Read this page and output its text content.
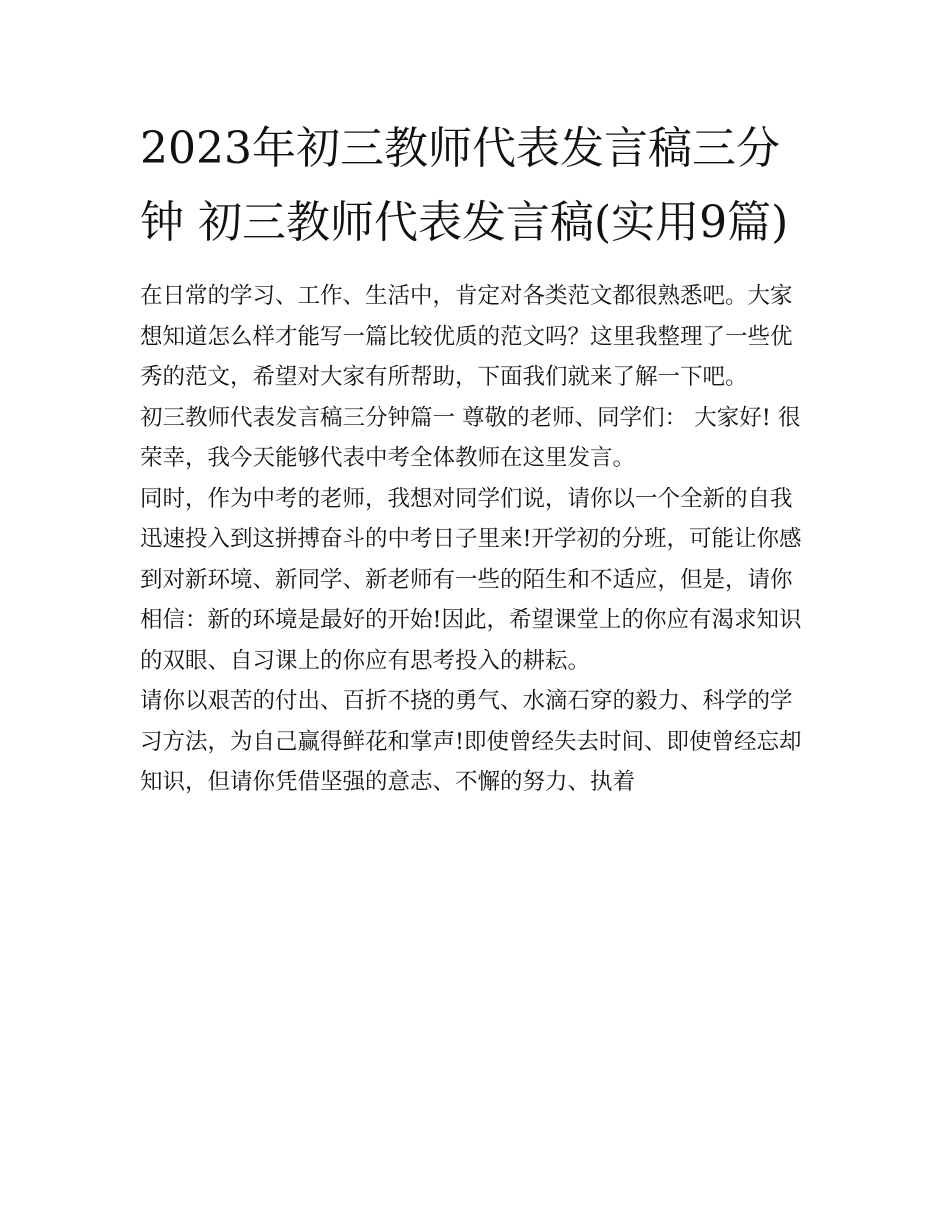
2023年初三教师代表发言稿三分钟 初三教师代表发言稿(实用9篇)

在日常的学习、工作、生活中，肯定对各类范文都很熟悉吧。大家想知道怎么样才能写一篇比较优质的范文吗？这里我整理了一些优秀的范文，希望对大家有所帮助，下面我们就来了解一下吧。

初三教师代表发言稿三分钟篇一 尊敬的老师、同学们： 大家好! 很荣幸，我今天能够代表中考全体教师在这里发言。

同时，作为中考的老师，我想对同学们说，请你以一个全新的自我迅速投入到这拼搏奋斗的中考日子里来!开学初的分班，可能让你感到对新环境、新同学、新老师有一些的陌生和不适应，但是，请你相信：新的环境是最好的开始!因此，希望课堂上的你应有渴求知识的双眼、自习课上的你应有思考投入的耕耘。

请你以艰苦的付出、百折不挠的勇气、水滴石穿的毅力、科学的学习方法，为自己赢得鲜花和掌声!即使曾经失去时间、即使曾经忘却知识，但请你凭借坚强的意志、不懈的努力、执着
